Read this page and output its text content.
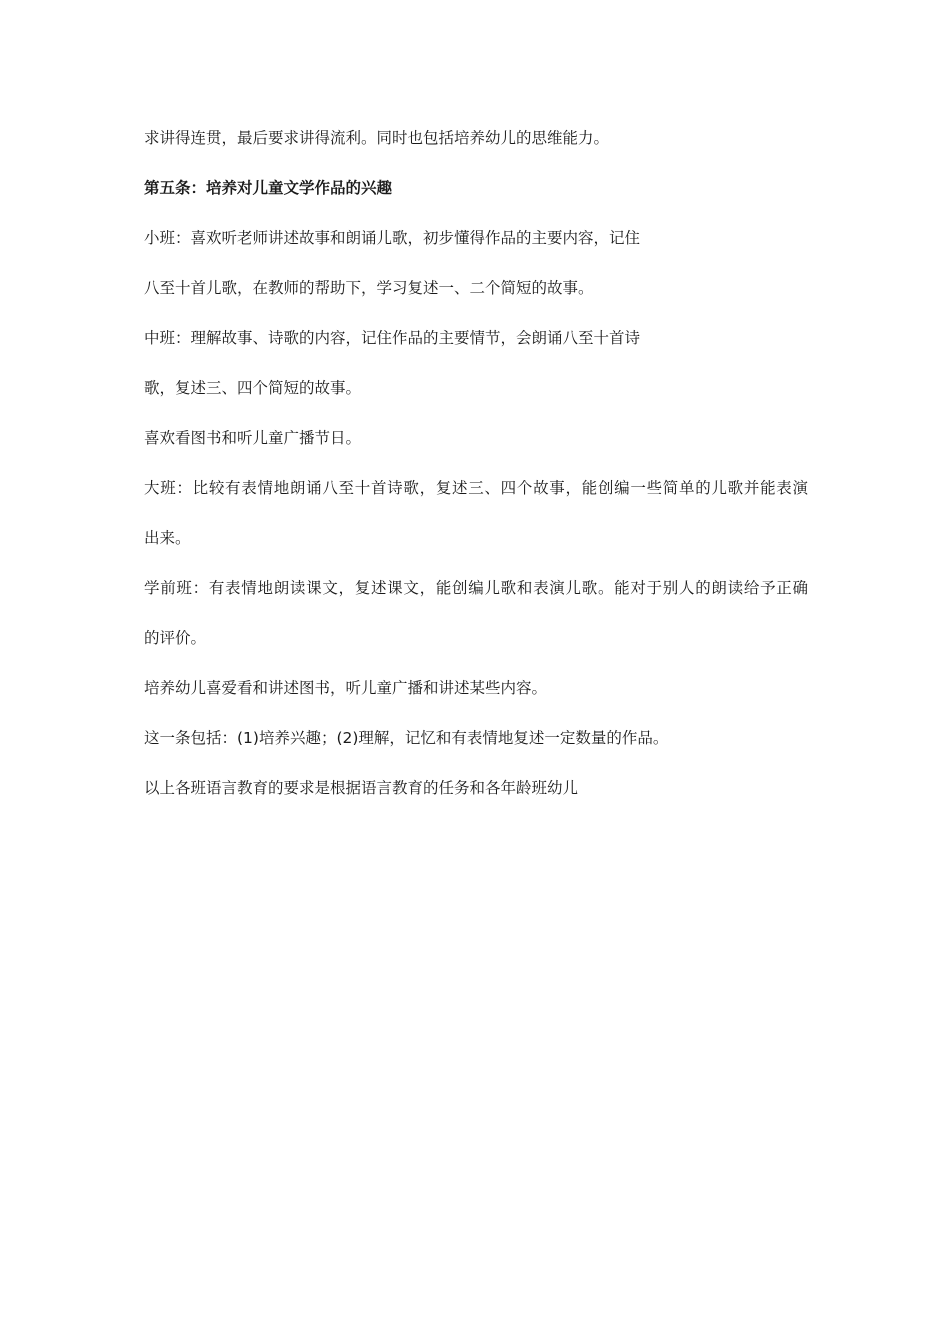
求讲得连贯，最后要求讲得流利。同时也包括培养幼儿的思维能力。
第五条：培养对儿童文学作品的兴趣
小班：喜欢听老师讲述故事和朗诵儿歌，初步懂得作品的主要内容，记住
八至十首儿歌，在教师的帮助下，学习复述一、二个简短的故事。
中班：理解故事、诗歌的内容，记住作品的主要情节，会朗诵八至十首诗
歌，复述三、四个简短的故事。
喜欢看图书和听儿童广播节日。
大班：比较有表情地朗诵八至十首诗歌，复述三、四个故事，能创编一些简单的儿歌并能表演
出来。
学前班：有表情地朗读课文，复述课文，能创编儿歌和表演儿歌。能对于别人的朗读给予正确
的评价。
培养幼儿喜爱看和讲述图书，听儿童广播和讲述某些内容。
这一条包括：(1)培养兴趣；(2)理解，记忆和有表情地复述一定数量的作品。
以上各班语言教育的要求是根据语言教育的任务和各年龄班幼儿
